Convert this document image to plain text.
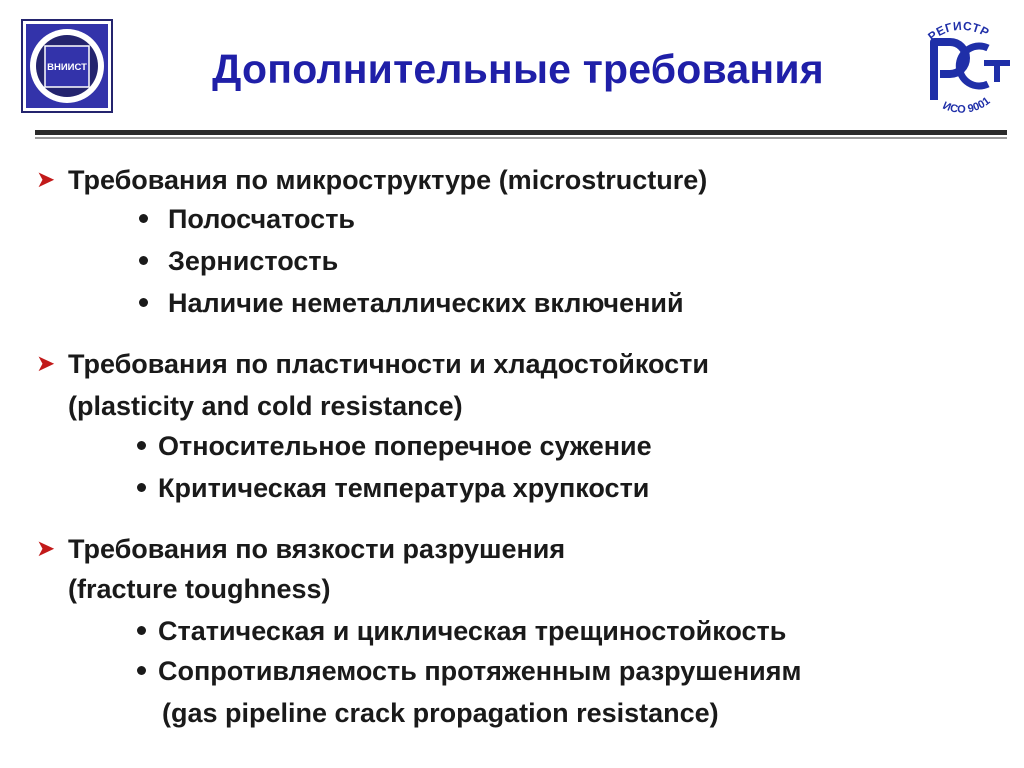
ВНИИСТ	Дополнительные требования
РЕГИСТР
ИСО 9001
➤ Требования по микроструктуре (microstructure)
Полосчатость
Зернистость
Наличие неметаллических включений
➤ Требования по пластичности и хладостойкости
(plasticity and cold resistance)
Относительное поперечное сужение
Критическая температура хрупкости
➤ Требования по вязкости разрушения
(fracture toughness)
Статическая и циклическая трещиностойкость
Сопротивляемость протяженным разрушениям
(gas pipeline crack propagation resistance)
